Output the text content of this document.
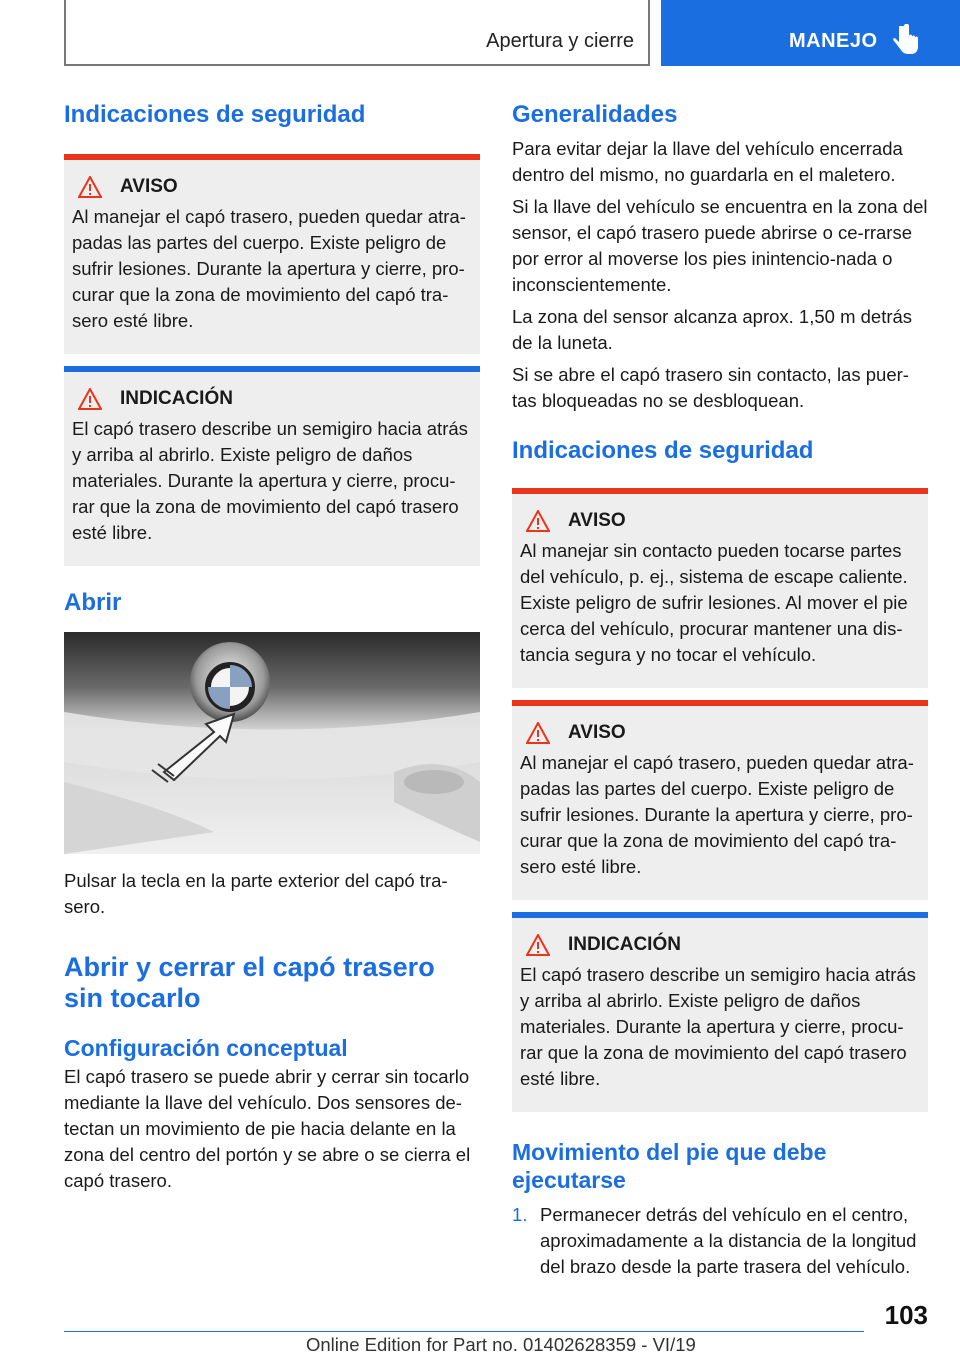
Apertura y cierre	MANEJO
Indicaciones de seguridad
AVISO
Al manejar el capó trasero, pueden quedar atra-padas las partes del cuerpo. Existe peligro de sufrir lesiones. Durante la apertura y cierre, pro-curar que la zona de movimiento del capó tra-sero esté libre.
INDICACIÓN
El capó trasero describe un semigiro hacia atrás y arriba al abrirlo. Existe peligro de daños materiales. Durante la apertura y cierre, procu-rar que la zona de movimiento del capó trasero esté libre.
Abrir
Pulsar la tecla en la parte exterior del capó tra-sero.
Abrir y cerrar el capó trasero sin tocarlo
Configuración conceptual
El capó trasero se puede abrir y cerrar sin tocarlo mediante la llave del vehículo. Dos sensores de-tectan un movimiento de pie hacia delante en la zona del centro del portón y se abre o se cierra el capó trasero.
Generalidades
Para evitar dejar la llave del vehículo encerrada dentro del mismo, no guardarla en el maletero.
Si la llave del vehículo se encuentra en la zona del sensor, el capó trasero puede abrirse o ce-rrarse por error al moverse los pies inintencio-nada o inconscientemente.
La zona del sensor alcanza aprox. 1,50 m detrás de la luneta.
Si se abre el capó trasero sin contacto, las puer-tas bloqueadas no se desbloquean.
Indicaciones de seguridad
AVISO
Al manejar sin contacto pueden tocarse partes del vehículo, p. ej., sistema de escape caliente. Existe peligro de sufrir lesiones. Al mover el pie cerca del vehículo, procurar mantener una dis-tancia segura y no tocar el vehículo.
AVISO
Al manejar el capó trasero, pueden quedar atra-padas las partes del cuerpo. Existe peligro de sufrir lesiones. Durante la apertura y cierre, pro-curar que la zona de movimiento del capó tra-sero esté libre.
INDICACIÓN
El capó trasero describe un semigiro hacia atrás y arriba al abrirlo. Existe peligro de daños materiales. Durante la apertura y cierre, procu-rar que la zona de movimiento del capó trasero esté libre.
Movimiento del pie que debe ejecutarse
1. Permanecer detrás del vehículo en el centro, aproximadamente a la distancia de la longitud del brazo desde la parte trasera del vehículo.
103
Online Edition for Part no. 01402628359 - VI/19
